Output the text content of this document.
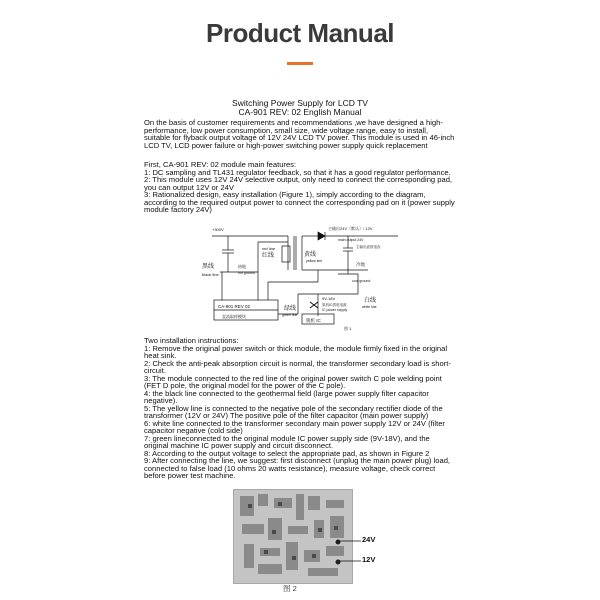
Product Manual
Switching Power Supply for LCD TV
CA-901 REV: 02 English Manual

On the basis of customer requirements and recommendations ,we have designed a high-performance, low power consumption, small size, wide voltage range, easy to install, suitable for flyback output voltage of 12V 24V LCD TV power. This module is used in 46-inch LCD TV, LCD power failure or high-power switching power supply quick replacement

First, CA-901 REV: 02 module main features:

1: DC sampling and TL431 regulator feedback, so that it has a good regulator performance.

2: This module uses 12V 24V selective output, only need to connect the corresponding pad, you can output 12V or 24V

3: Rationalized design, easy installation (Figure 1), simply according to the diagram, according to the required output power to connect the corresponding pad on it (power supply module factory 24V)

+300V
黑线
black line
热地
hot ground
red line
红线	黄线
yellow line
主输出24V（默认）/ 12V
main output 24V
主输出滤波电容
冷地
cool ground
CA-901 REV 02
直流取样模块
9V-18V
原机IC供电电源
IC power supply
白线
white line
绿线
green line
脱机 IC
图 1

Two installation instructions:

1: Remove the original power switch or thick module, the module firmly fixed in the original heat sink.

2: Check the anti-peak absorption circuit is normal, the transformer secondary load is short-circuit.

3: The module connected to the red line of the original power switch C pole welding point (FET D pole, the original model for the power of the C pole).

4: the black line connected to the geothermal field (large power supply filter capacitor negative).

5: The yellow line is connected to the negative pole of the secondary rectifier diode of the transformer (12V or 24V) The positive pole of the filter capacitor (main power supply)

6: white line connected to the transformer secondary main power supply 12V or 24V (filter capacitor negative (cold side)

7: green lineconnected to the original module IC power supply side (9V-18V), and the original machine IC power supply and circuit disconnect.

8: According to the output voltage to select the appropriate pad, as shown in Figure 2

9: After connecting the line, we suggest: first disconnect (unplug the main power plug) load, connected to false load (10 ohms 20 watts resistance), measure voltage, check correct before power test machine.

24V
12V
图 2
